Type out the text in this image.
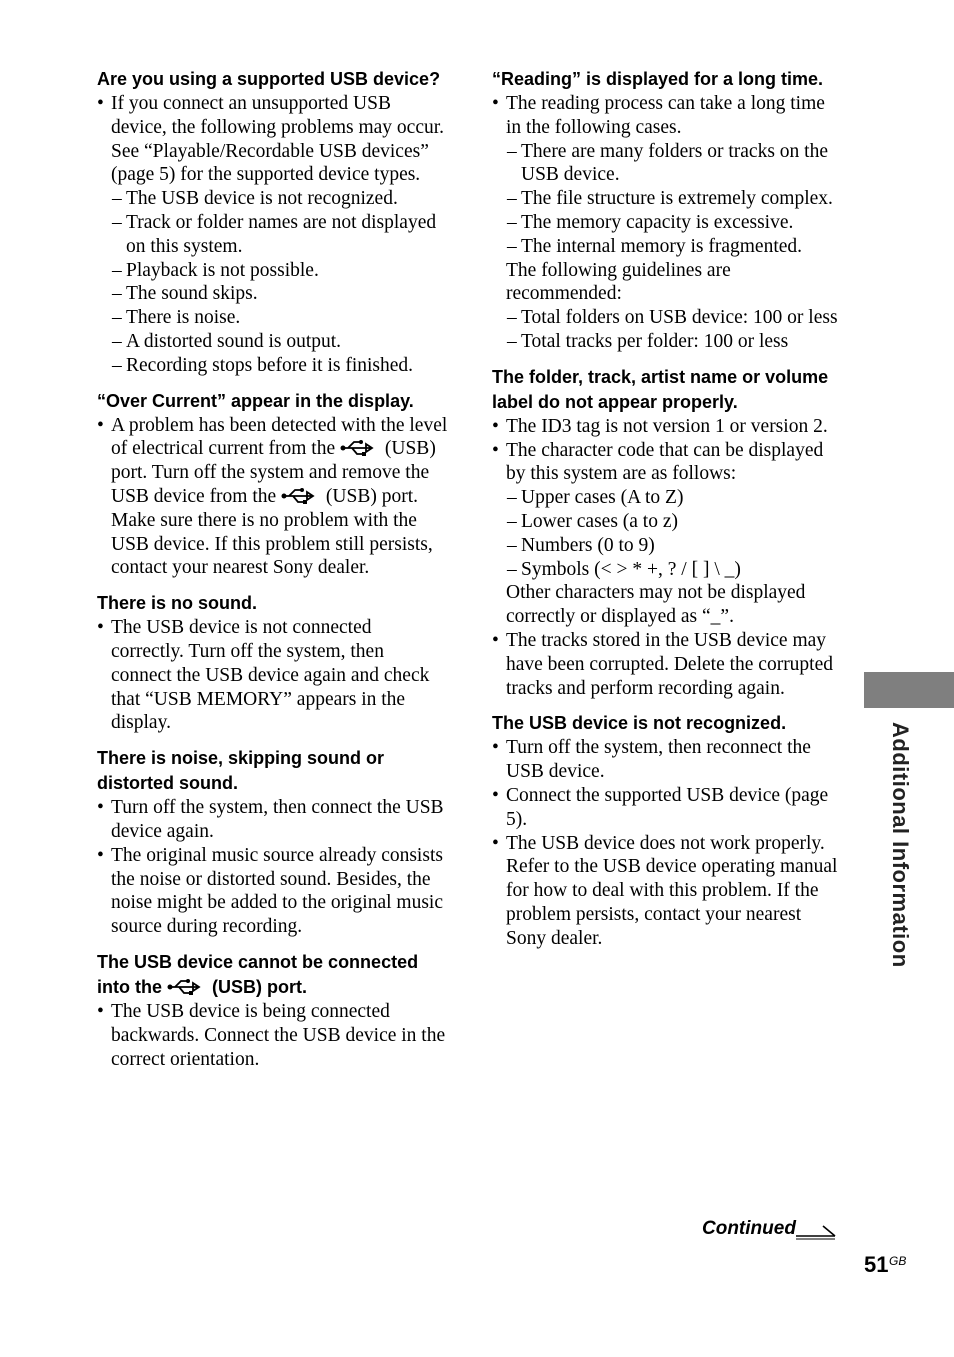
Are you using a supported USB device?
• If you connect an unsupported USB device, the following problems may occur. See “Playable/Recordable USB devices” (page 5) for the supported device types.
– The USB device is not recognized.
– Track or folder names are not displayed on this system.
– Playback is not possible.
– The sound skips.
– There is noise.
– A distorted sound is output.
– Recording stops before it is finished.
“Over Current” appear in the display.
• A problem has been detected with the level of electrical current from the	(USB) port. Turn off the system and remove the USB device from the	(USB) port. Make sure there is no problem with the USB device. If this problem still persists, contact your nearest Sony dealer.
There is no sound.
• The USB device is not connected correctly. Turn off the system, then connect the USB device again and check that “USB MEMORY” appears in the display.
There is noise, skipping sound or distorted sound.
• Turn off the system, then connect the USB device again.
• The original music source already consists the noise or distorted sound. Besides, the noise might be added to the original music source during recording.
The USB device cannot be connected into the	(USB) port.
• The USB device is being connected backwards. Connect the USB device in the correct orientation.
“Reading” is displayed for a long time.
• The reading process can take a long time in the following cases.
– There are many folders or tracks on the USB device.
– The file structure is extremely complex.
– The memory capacity is excessive.
– The internal memory is fragmented.
The following guidelines are recommended:
– Total folders on USB device: 100 or less
– Total tracks per folder: 100 or less
The folder, track, artist name or volume label do not appear properly.
• The ID3 tag is not version 1 or version 2.
• The character code that can be displayed by this system are as follows:
– Upper cases (A to Z)
– Lower cases (a to z)
– Numbers (0 to 9)
– Symbols (< > * +, ? / [ ] \ _)
Other characters may not be displayed correctly or displayed as “_”.
• The tracks stored in the USB device may have been corrupted. Delete the corrupted tracks and perform recording again.
The USB device is not recognized.
• Turn off the system, then reconnect the USB device.
• Connect the supported USB device (page 5).
• The USB device does not work properly. Refer to the USB device operating manual for how to deal with this problem. If the problem persists, contact your nearest Sony dealer.	Additional Information
Continued
51 GB
